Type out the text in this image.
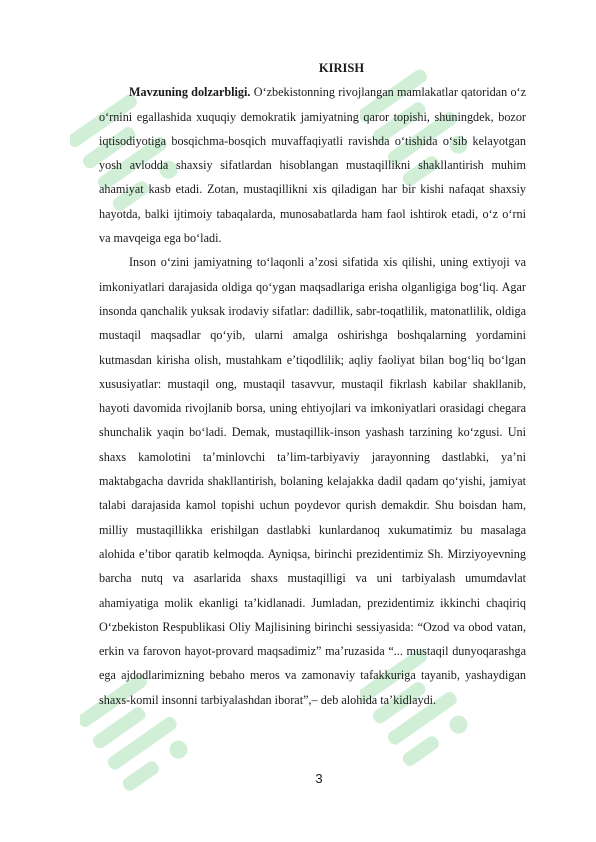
KIRISH

Mavzuning dolzarbligi. O‘zbekistonning rivojlangan mamlakatlar qatoridan o‘z o‘rnini egallashida xuquqiy demokratik jamiyatning qaror topishi, shuningdek, bozor iqtisodiyotiga bosqichma-bosqich muvaffaqiyatli ravishda o‘tishida o‘sib kelayotgan yosh avlodda shaxsiy sifatlardan hisoblangan mustaqillikni shakllantirish muhim ahamiyat kasb etadi. Zotan, mustaqillikni xis qiladigan har bir kishi nafaqat shaxsiy hayotda, balki ijtimoiy tabaqalarda, munosabatlarda ham faol ishtirok etadi, o‘z o‘rni va mavqeiga ega bo‘ladi.

Inson o‘zini jamiyatning to‘laqonli a’zosi sifatida xis qilishi, uning extiyoji va imkoniyatlari darajasida oldiga qo‘ygan maqsadlariga erisha olganligiga bog‘liq. Agar insonda qanchalik yuksak irodaviy sifatlar: dadillik, sabr-toqatlilik, matonatlilik, oldiga mustaqil maqsadlar qo‘yib, ularni amalga oshirishga boshqalarning yordamini kutmasdan kirisha olish, mustahkam e’tiqodlilik; aqliy faoliyat bilan bog‘liq bo‘lgan xususiyatlar: mustaqil ong, mustaqil tasavvur, mustaqil fikrlash kabilar shakllanib, hayoti davomida rivojlanib borsa, uning ehtiyojlari va imkoniyatlari orasidagi chegara shunchalik yaqin bo‘ladi. Demak, mustaqillik-inson yashash tarzining ko‘zgusi. Uni shaxs kamolotini ta’minlovchi ta’lim-tarbiyaviy jarayonning dastlabki, ya’ni maktabgacha davrida shakllantirish, bolaning kelajakka dadil qadam qo‘yishi, jamiyat talabi darajasida kamol topishi uchun poydevor qurish demakdir. Shu boisdan ham, milliy mustaqillikka erishilgan dastlabki kunlardanoq xukumatimiz bu masalaga alohida e’tibor qaratib kelmoqda. Ayniqsa, birinchi prezidentimiz Sh. Mirziyoyevning barcha nutq va asarlarida shaxs mustaqilligi va uni tarbiyalash umumdavlat ahamiyatiga molik ekanligi ta’kidlanadi. Jumladan, prezidentimiz ikkinchi chaqiriq O‘zbekiston Respublikasi Oliy Majlisining birinchi sessiyasida: “Ozod va obod vatan, erkin va farovon hayot-provard maqsadimiz” ma’ruzasida “... mustaqil dunyoqarashga ega ajdodlarimizning bebaho meros va zamonaviy tafakkuriga tayanib, yashaydigan shaxs-komil insonni tarbiyalashdan iborat”,– deb alohida ta’kidlaydi.

3
